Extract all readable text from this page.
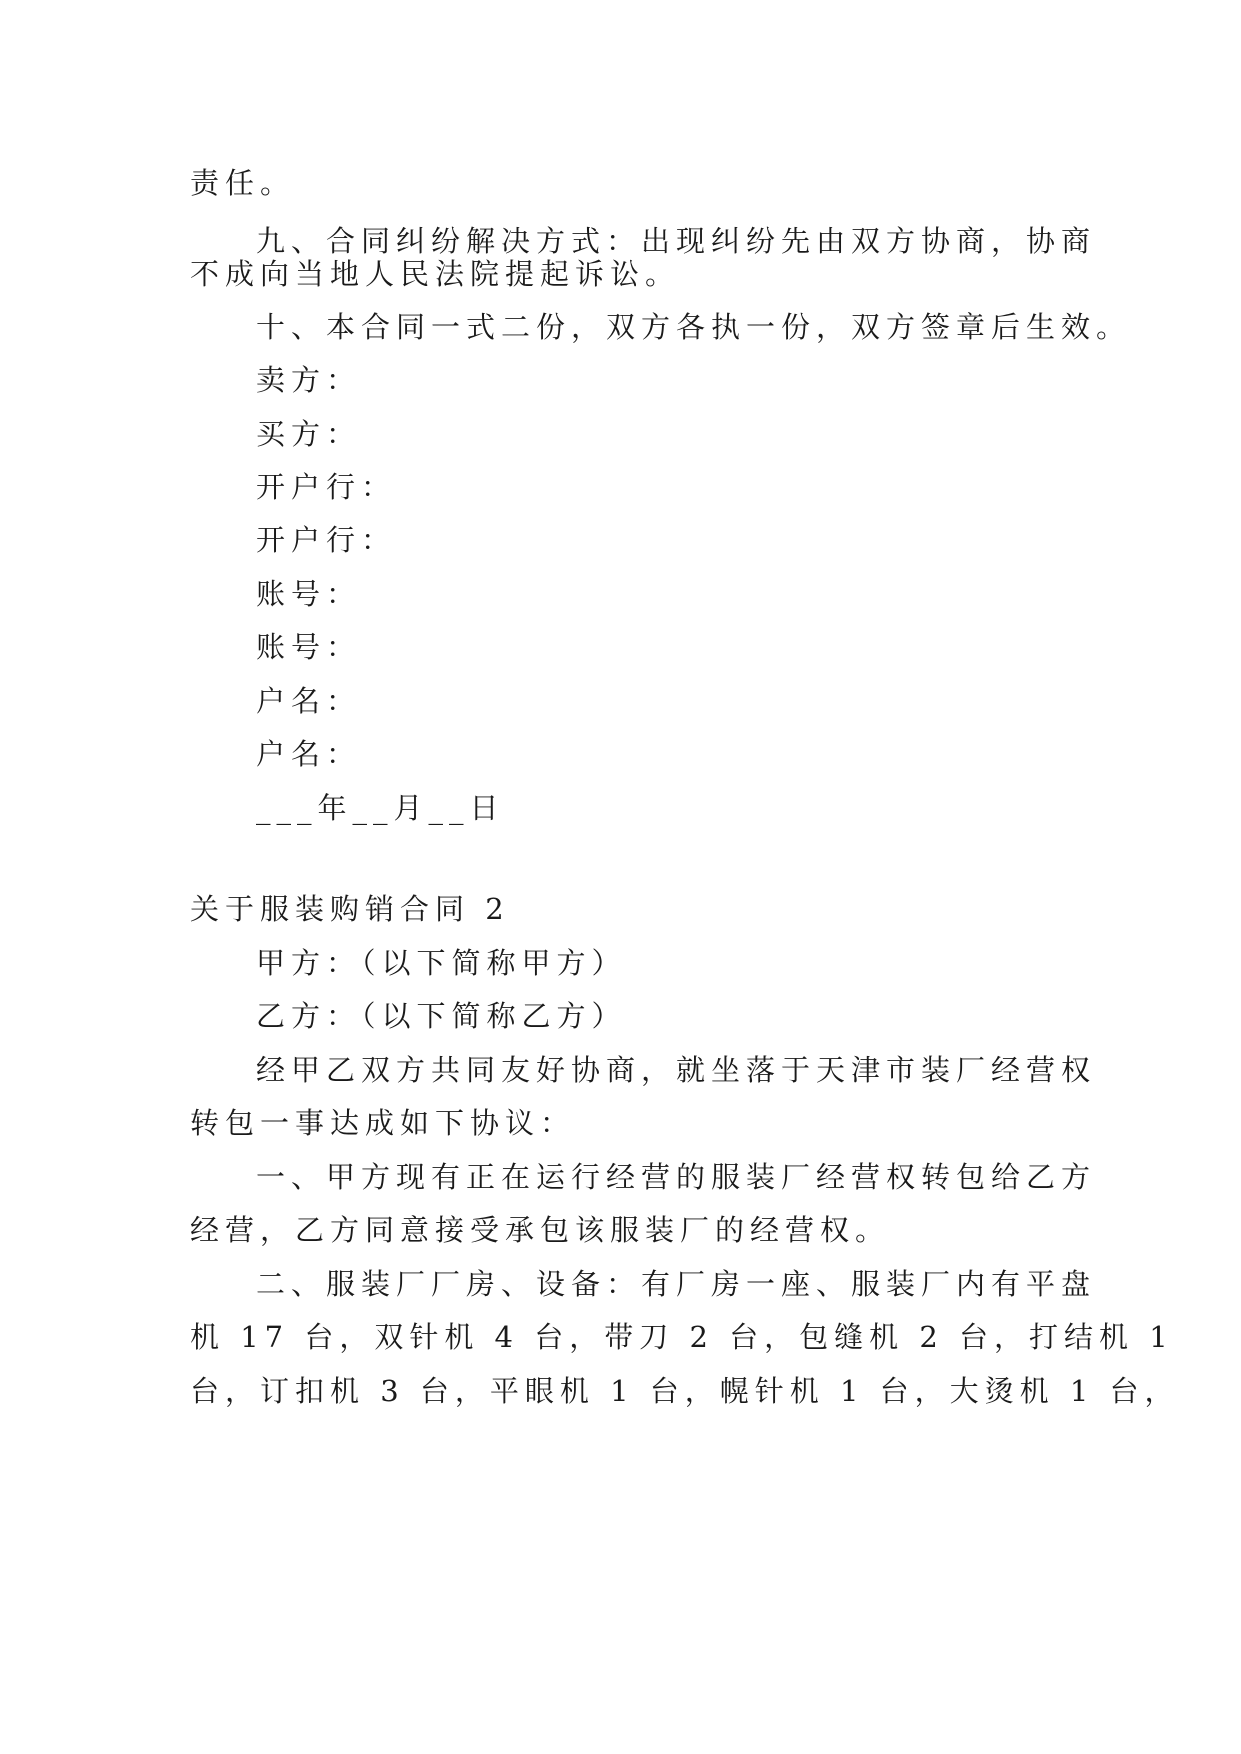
责任。
九、合同纠纷解决方式：出现纠纷先由双方协商，协商
不成向当地人民法院提起诉讼。
十、本合同一式二份，双方各执一份，双方签章后生效。
卖方：
买方：
开户行：
开户行：
账号：
账号：
户名：
户名：
___年__月__日
关于服装购销合同 2
甲方：（以下简称甲方）
乙方：（以下简称乙方）
经甲乙双方共同友好协商，就坐落于天津市装厂经营权
转包一事达成如下协议：
一、甲方现有正在运行经营的服装厂经营权转包给乙方
经营，乙方同意接受承包该服装厂的经营权。
二、服装厂厂房、设备：有厂房一座、服装厂内有平盘
机 17 台，双针机 4 台，带刀 2 台，包缝机 2 台，打结机 1
台，订扣机 3 台，平眼机 1 台，幌针机 1 台，大烫机 1 台，
